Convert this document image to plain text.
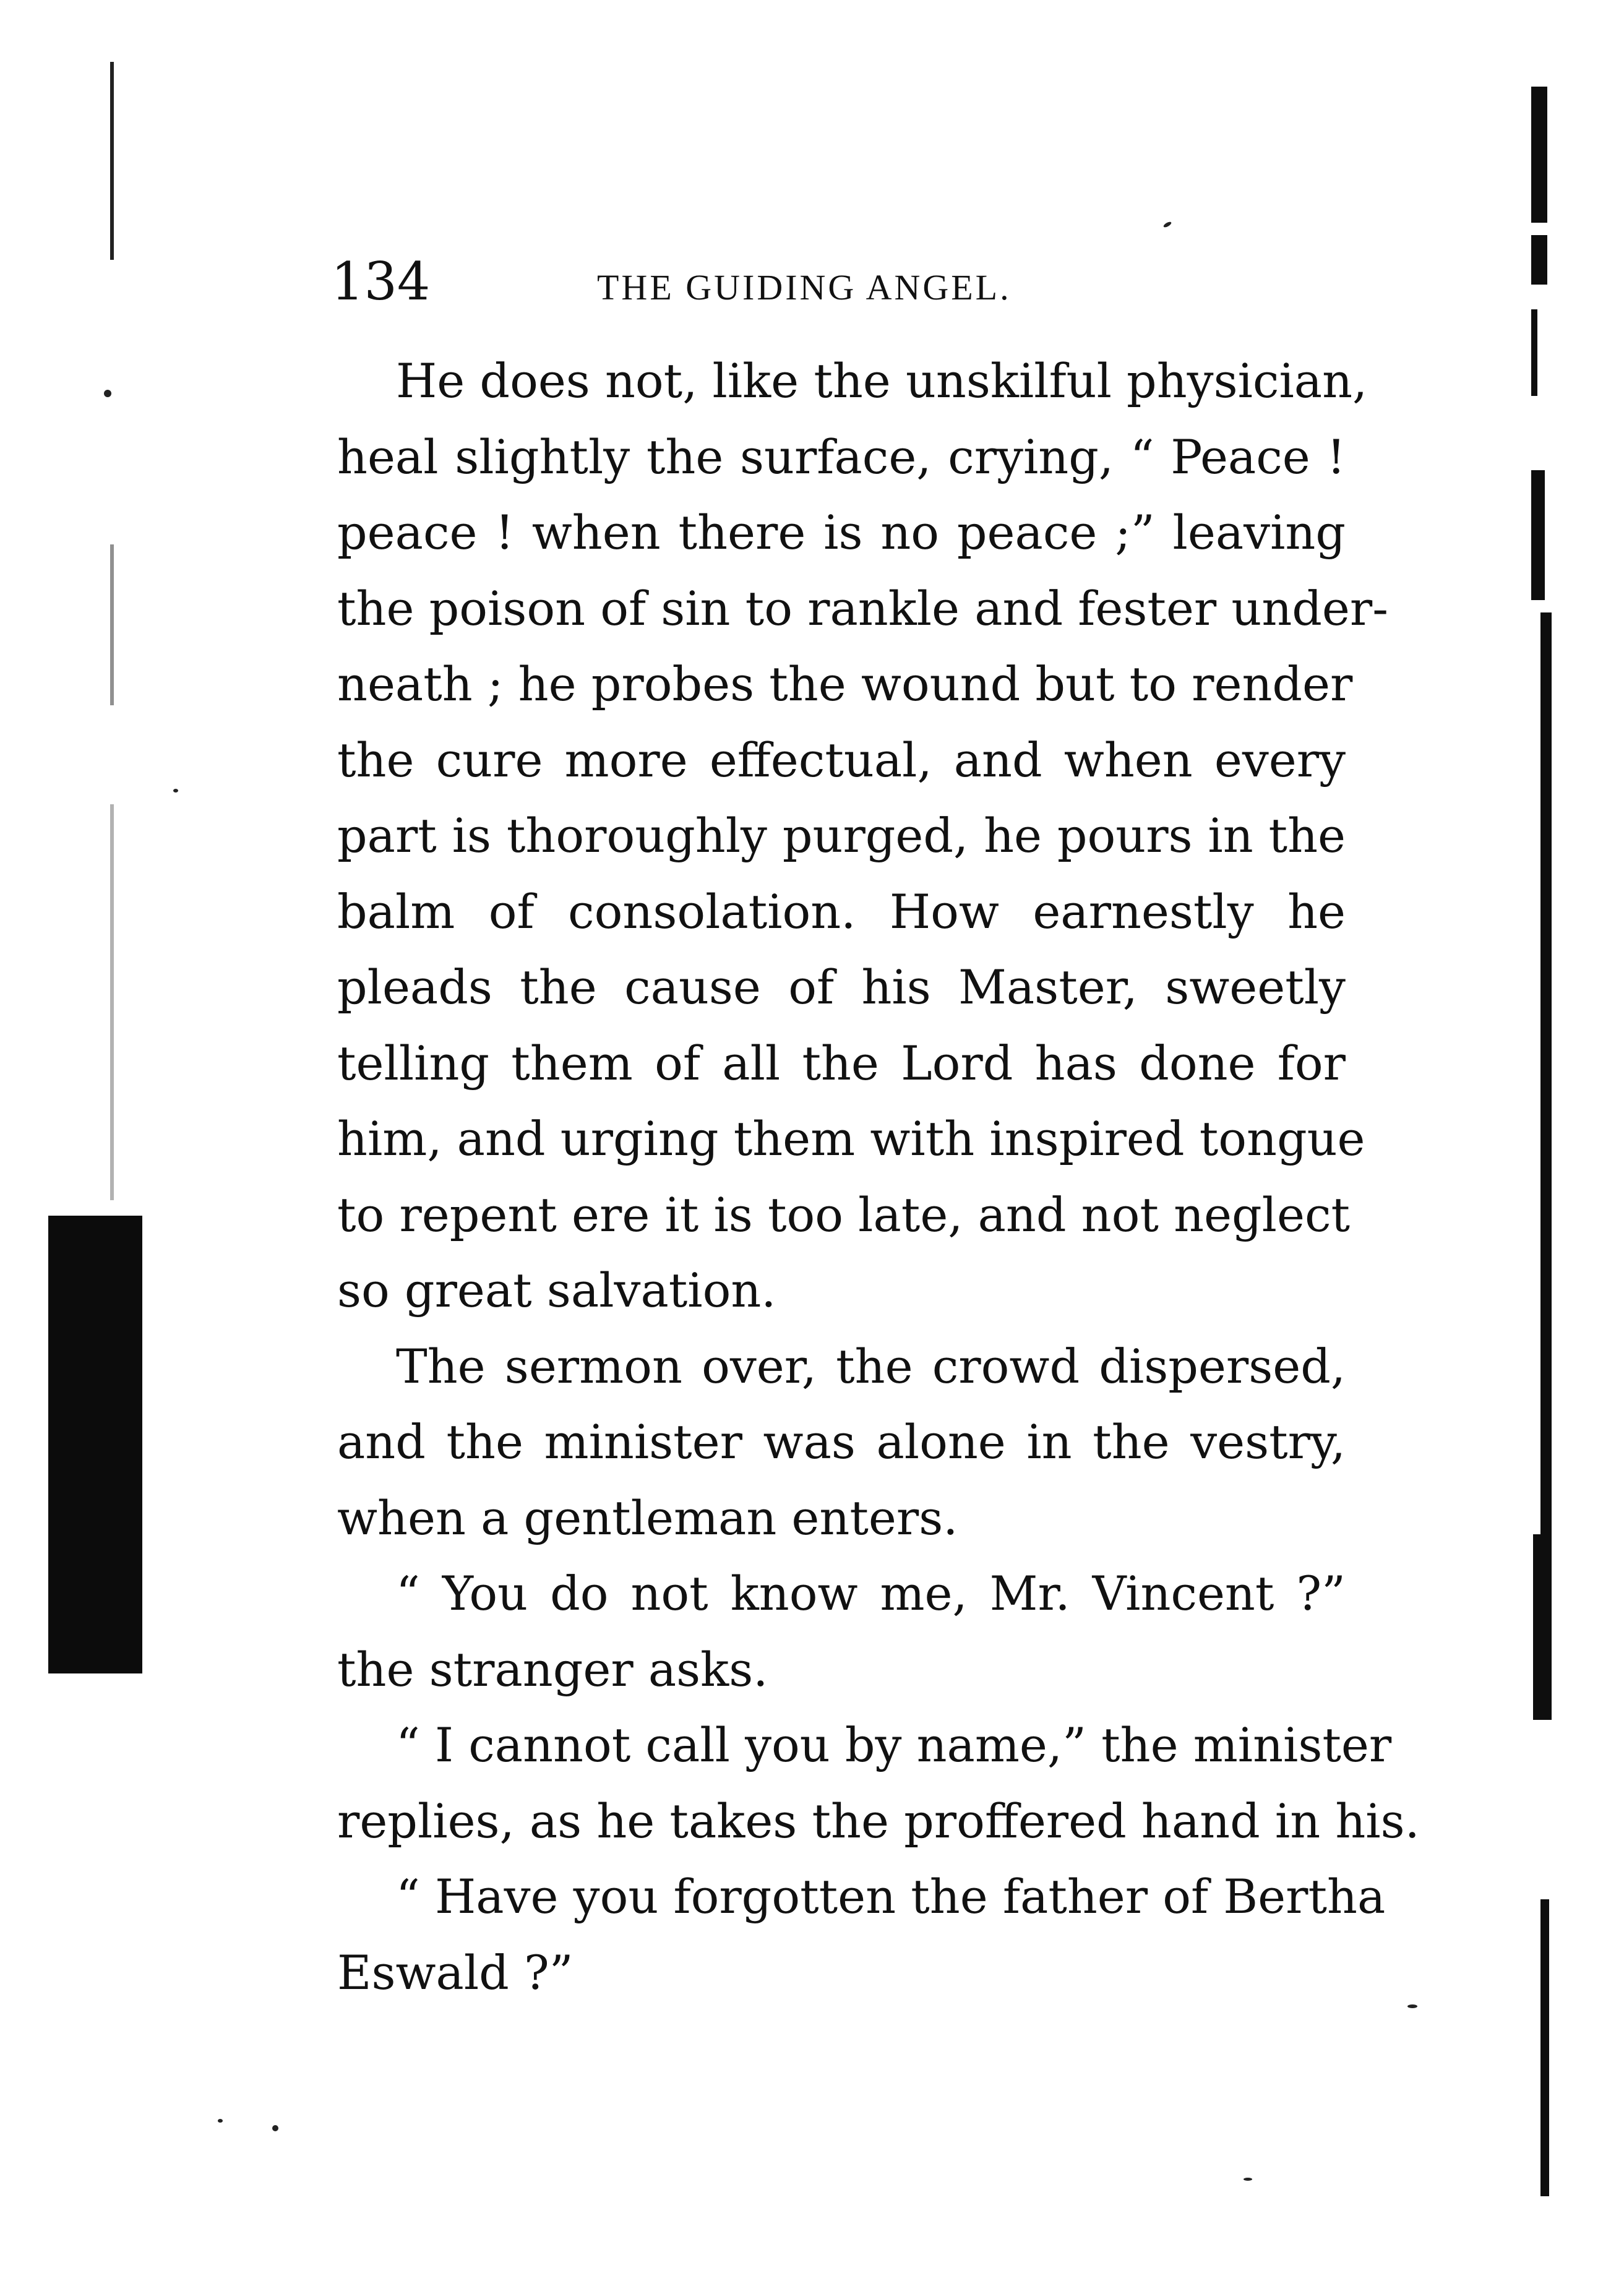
134	THE GUIDING ANGEL.
He does not, like the unskilful physician,
heal slightly the surface, crying, “ Peace !
peace ! when there is no peace ;” leaving
the poison of sin to rankle and fester under-
neath ; he probes the wound but to render
the cure more effectual, and when every
part is thoroughly purged, he pours in the
balm of consolation. How earnestly he
pleads the cause of his Master, sweetly
telling them of all the Lord has done for
him, and urging them with inspired tongue
to repent ere it is too late, and not neglect
so great salvation.
The sermon over, the crowd dispersed,
and the minister was alone in the vestry,
when a gentleman enters.
“ You do not know me, Mr. Vincent ?”
the stranger asks.
“ I cannot call you by name,” the minister
replies, as he takes the proffered hand in his.
“ Have you forgotten the father of Bertha
Eswald ?”
